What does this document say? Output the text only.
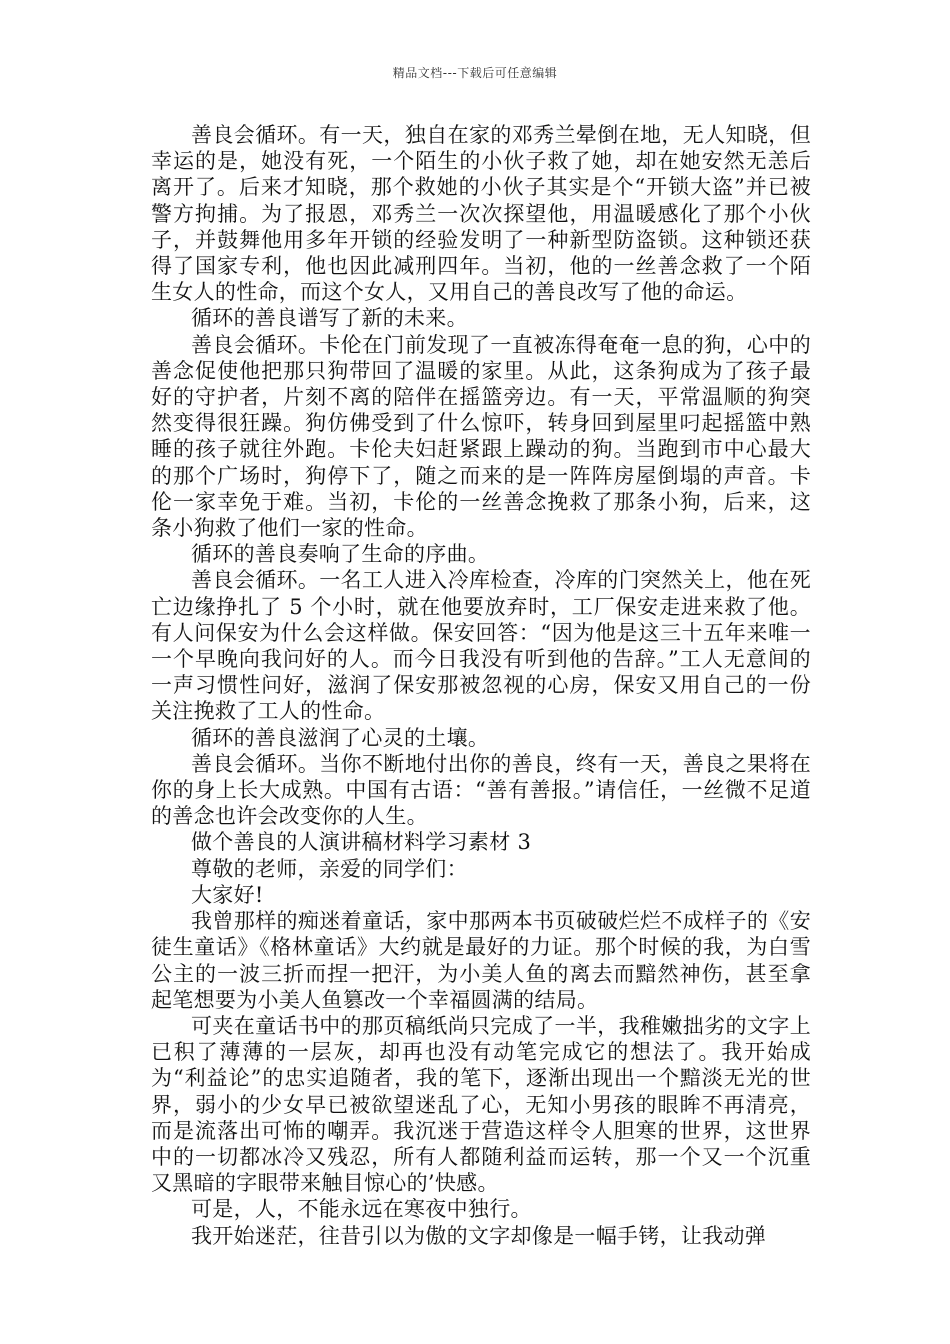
精品文档---下载后可任意编辑

善良会循环。有一天，独自在家的邓秀兰晕倒在地，无人知晓，但幸运的是，她没有死，一个陌生的小伙子救了她，却在她安然无恙后离开了。后来才知晓，那个救她的小伙子其实是个“开锁大盗”并已被警方拘捕。为了报恩，邓秀兰一次次探望他，用温暖感化了那个小伙子，并鼓舞他用多年开锁的经验发明了一种新型防盗锁。这种锁还获得了国家专利，他也因此减刑四年。当初，他的一丝善念救了一个陌生女人的性命，而这个女人，又用自己的善良改写了他的命运。

循环的善良谱写了新的未来。

善良会循环。卡伦在门前发现了一直被冻得奄奄一息的狗，心中的善念促使他把那只狗带回了温暖的家里。从此，这条狗成为了孩子最好的守护者，片刻不离的陪伴在摇篮旁边。有一天，平常温顺的狗突然变得很狂躁。狗仿佛受到了什么惊吓，转身回到屋里叼起摇篮中熟睡的孩子就往外跑。卡伦夫妇赶紧跟上躁动的狗。当跑到市中心最大的那个广场时，狗停下了，随之而来的是一阵阵房屋倒塌的声音。卡伦一家幸免于难。当初，卡伦的一丝善念挽救了那条小狗，后来，这条小狗救了他们一家的性命。

循环的善良奏响了生命的序曲。

善良会循环。一名工人进入冷库检查，冷库的门突然关上，他在死亡边缘挣扎了 5 个小时，就在他要放弃时，工厂保安走进来救了他。有人问保安为什么会这样做。保安回答：“因为他是这三十五年来唯一一个早晚向我问好的人。而今日我没有听到他的告辞。”工人无意间的一声习惯性问好，滋润了保安那被忽视的心房，保安又用自己的一份关注挽救了工人的性命。

循环的善良滋润了心灵的土壤。

善良会循环。当你不断地付出你的善良，终有一天，善良之果将在你的身上长大成熟。中国有古语：“善有善报。”请信任，一丝微不足道的善念也许会改变你的人生。

做个善良的人演讲稿材料学习素材 3

尊敬的老师，亲爱的同学们：

大家好!

我曾那样的痴迷着童话，家中那两本书页破破烂烂不成样子的《安徒生童话》《格林童话》大约就是最好的力证。那个时候的我，为白雪公主的一波三折而捏一把汗，为小美人鱼的离去而黯然神伤，甚至拿起笔想要为小美人鱼篡改一个幸福圆满的结局。

可夹在童话书中的那页稿纸尚只完成了一半，我稚嫩拙劣的文字上已积了薄薄的一层灰，却再也没有动笔完成它的想法了。我开始成为“利益论”的忠实追随者，我的笔下，逐渐出现出一个黯淡无光的世界，弱小的少女早已被欲望迷乱了心，无知小男孩的眼眸不再清亮，而是流落出可怖的嘲弄。我沉迷于营造这样令人胆寒的世界，这世界中的一切都冰冷又残忍，所有人都随利益而运转，那一个又一个沉重又黑暗的字眼带来触目惊心的’快感。

可是，人，不能永远在寒夜中独行。

我开始迷茫，往昔引以为傲的文字却像是一幅手铐，让我动弹
